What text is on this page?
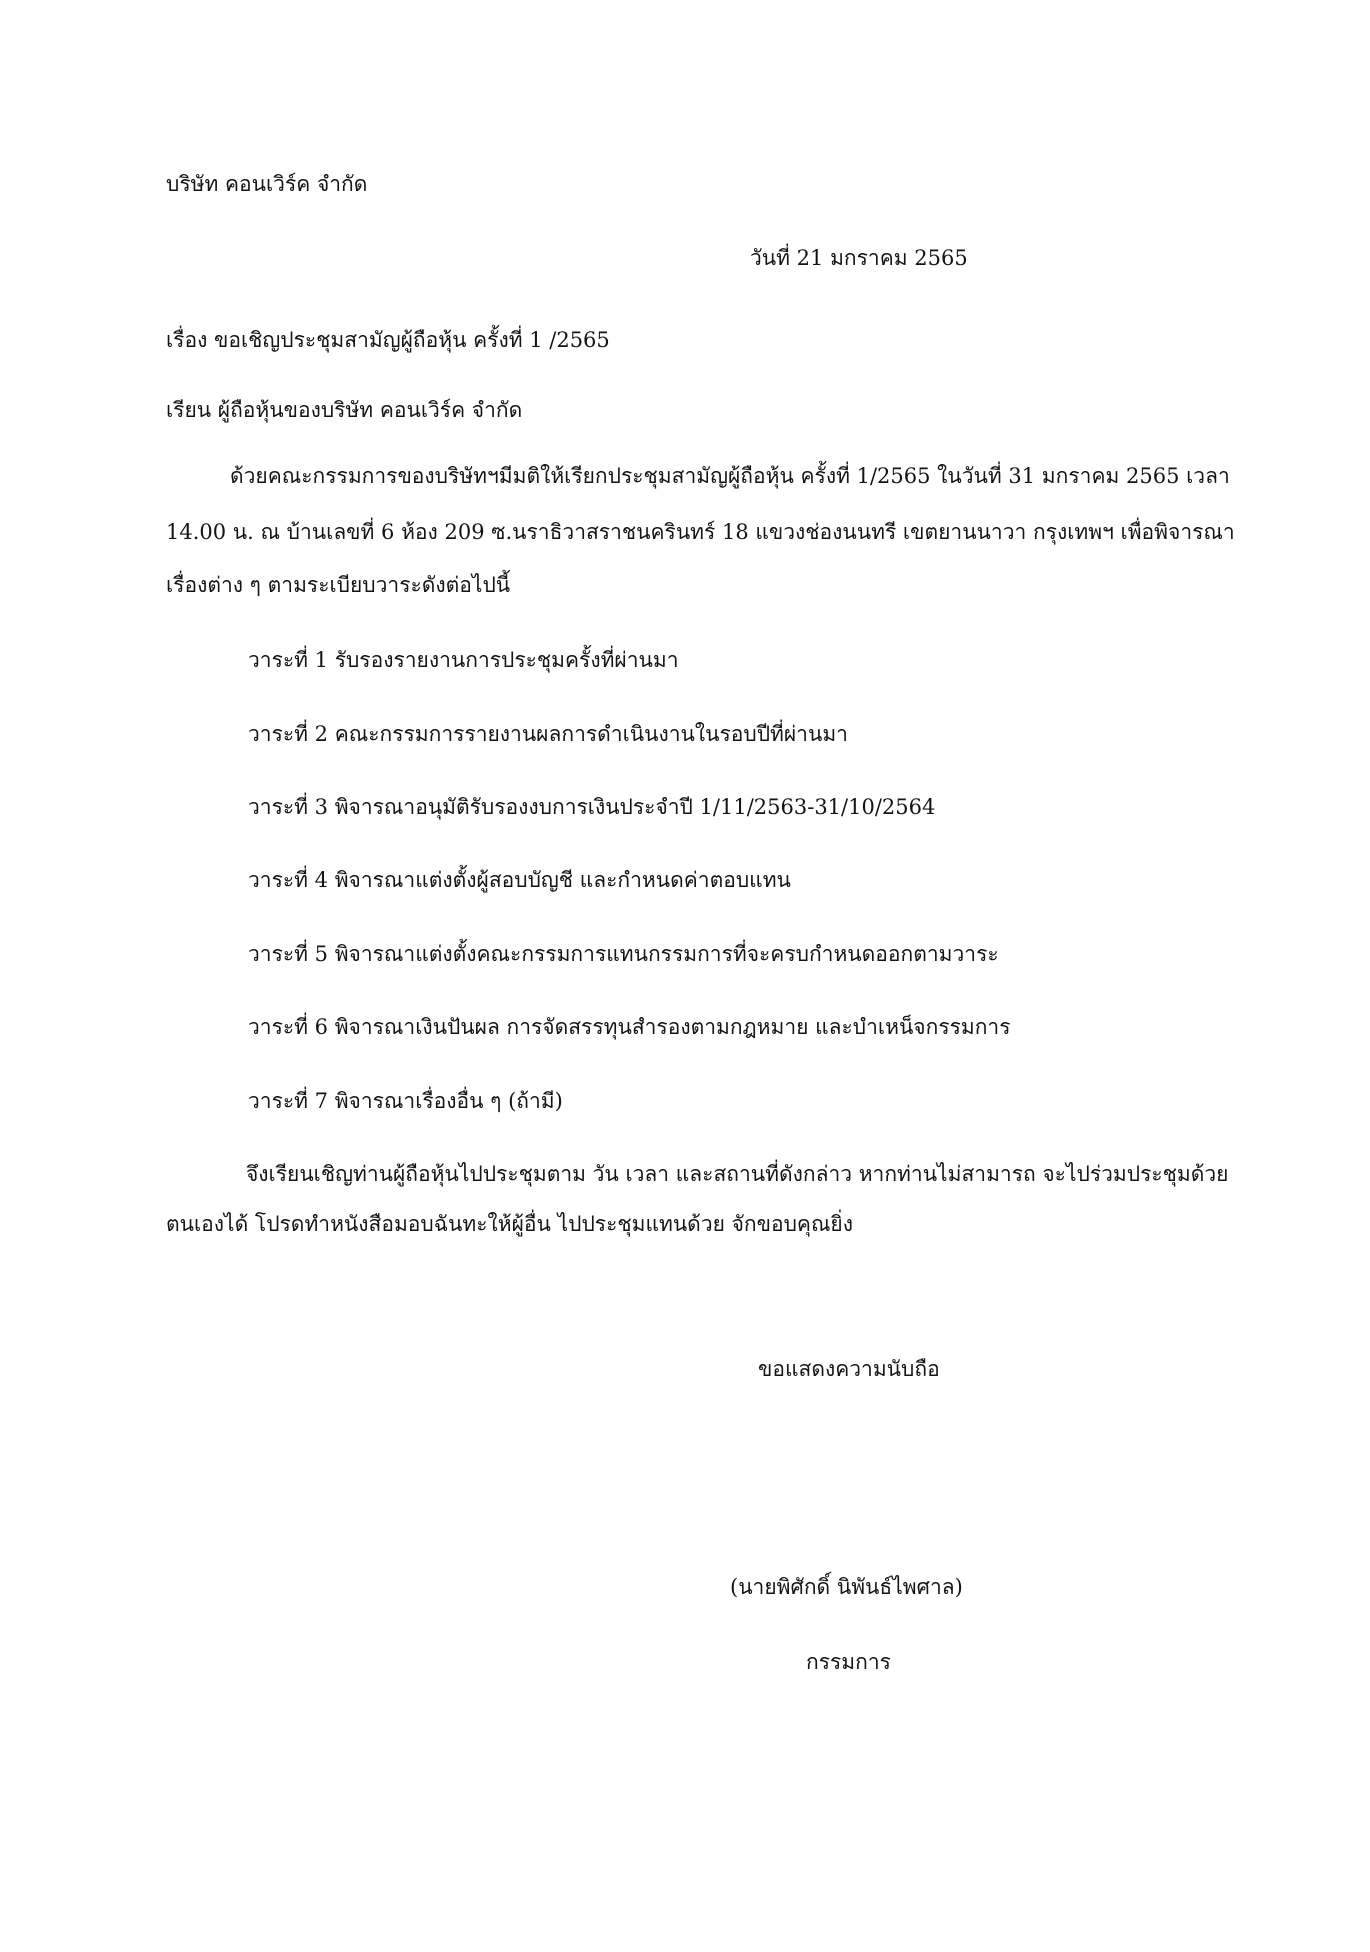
บริษัท คอนเวิร์ค จำกัด
วันที่ 21 มกราคม 2565
เรื่อง ขอเชิญประชุมสามัญผู้ถือหุ้น ครั้งที่ 1 /2565
เรียน ผู้ถือหุ้นของบริษัท คอนเวิร์ค จำกัด
ด้วยคณะกรรมการของบริษัทฯมีมติให้เรียกประชุมสามัญผู้ถือหุ้น ครั้งที่ 1/2565 ในวันที่ 31 มกราคม 2565 เวลา
14.00 น. ณ บ้านเลขที่ 6 ห้อง 209 ซ.นราธิวาสราชนครินทร์ 18 แขวงช่องนนทรี เขตยานนาวา กรุงเทพฯ เพื่อพิจารณา
เรื่องต่าง ๆ ตามระเบียบวาระดังต่อไปนี้
วาระที่ 1 รับรองรายงานการประชุมครั้งที่ผ่านมา
วาระที่ 2 คณะกรรมการรายงานผลการดำเนินงานในรอบปีที่ผ่านมา
วาระที่ 3 พิจารณาอนุมัติรับรองงบการเงินประจำปี 1/11/2563-31/10/2564
วาระที่ 4 พิจารณาแต่งตั้งผู้สอบบัญชี และกำหนดค่าตอบแทน
วาระที่ 5 พิจารณาแต่งตั้งคณะกรรมการแทนกรรมการที่จะครบกำหนดออกตามวาระ
วาระที่ 6 พิจารณาเงินปันผล การจัดสรรทุนสำรองตามกฎหมาย และบำเหน็จกรรมการ
วาระที่ 7 พิจารณาเรื่องอื่น ๆ (ถ้ามี)
จึงเรียนเชิญท่านผู้ถือหุ้นไปประชุมตาม วัน เวลา และสถานที่ดังกล่าว หากท่านไม่สามารถ จะไปร่วมประชุมด้วย
ตนเองได้ โปรดทำหนังสือมอบฉันทะให้ผู้อื่น ไปประชุมแทนด้วย จักขอบคุณยิ่ง
ขอแสดงความนับถือ
(นายพิศักดิ์ นิพันธ์ไพศาล)
กรรมการ
